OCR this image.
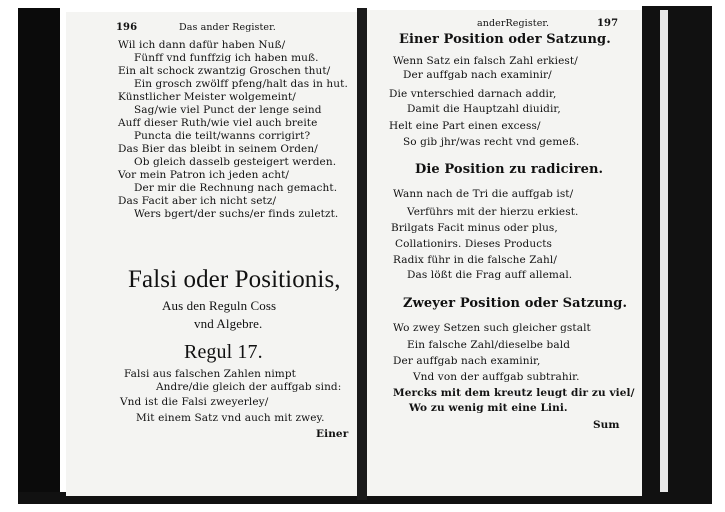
196	Das ander Register.
Wil ich dann dafür haben Nuß/
Fünff vnd funffzig ich haben muß.
Ein alt schock zwantzig Groschen thut/
Ein grosch zwölff pfeng/halt das in hut.
Künstlicher Meister wolgemeint/
Sag/wie viel Punct der lenge seind
Auff dieser Ruth/wie viel auch breite
Puncta die teilt/wanns corrigirt?
Das Bier das bleibt in seinem Orden/
Ob gleich dasselb gesteigert werden.
Vor mein Patron ich jeden acht/
Der mir die Rechnung nach gemacht.
Das Facit aber ich nicht setz/
Wers bgert/der suchs/er finds zuletzt.
Falsi oder Positionis,
Aus den Reguln Coss
vnd Algebre.
Regul 17.
Falsi aus falschen Zahlen nimpt
Andre/die gleich der auffgab sind:
Vnd ist die Falsi zweyerley/
Mit einem Satz vnd auch mit zwey.
Einer
anderRegister.	197
Einer Position oder Satzung.
Wenn Satz ein falsch Zahl erkiest/
Der auffgab nach examinir/
Die vnterschied darnach addir,
Damit die Hauptzahl diuidir,
Helt eine Part einen excess/
So gib jhr/was recht vnd gemeß.
Die Position zu radiciren.
Wann nach de Tri die auffgab ist/
Verführs mit der hierzu erkiest.
Brilgats Facit minus oder plus,
Collationirs. Dieses Products
Radix führ in die falsche Zahl/
Das lößt die Frag auff allemal.
Zweyer Position oder Satzung.
Wo zwey Setzen such gleicher gstalt
Ein falsche Zahl/dieselbe bald
Der auffgab nach examinir,
Vnd von der auffgab subtrahir.
Mercks mit dem kreutz leugt dir zu viel/
Wo zu wenig mit eine Lini.
Sum
